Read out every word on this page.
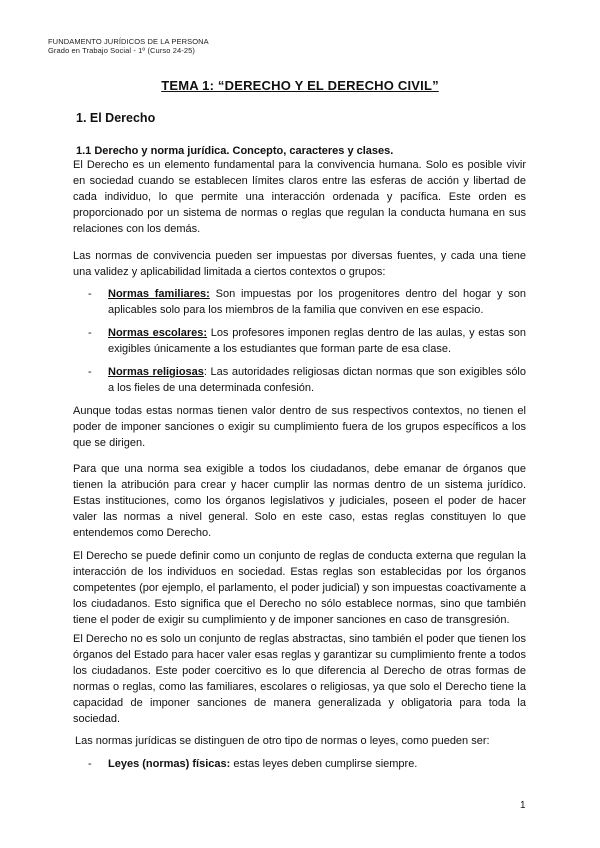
FUNDAMENTO JURÍDICOS DE LA PERSONA
Grado en Trabajo Social - 1º (Curso 24-25)
TEMA 1: “DERECHO Y EL DERECHO CIVIL”
1. El Derecho
1.1 Derecho y norma jurídica. Concepto, caracteres y clases.

El Derecho es un elemento fundamental para la convivencia humana. Solo es posible vivir en sociedad cuando se establecen límites claros entre las esferas de acción y libertad de cada individuo, lo que permite una interacción ordenada y pacífica. Este orden es proporcionado por un sistema de normas o reglas que regulan la conducta humana en sus relaciones con los demás.

Las normas de convivencia pueden ser impuestas por diversas fuentes, y cada una tiene una validez y aplicabilidad limitada a ciertos contextos o grupos:

- Normas familiares: Son impuestas por los progenitores dentro del hogar y son aplicables solo para los miembros de la familia que conviven en ese espacio.
- Normas escolares: Los profesores imponen reglas dentro de las aulas, y estas son exigibles únicamente a los estudiantes que forman parte de esa clase.
- Normas religiosas: Las autoridades religiosas dictan normas que son exigibles sólo a los fieles de una determinada confesión.

Aunque todas estas normas tienen valor dentro de sus respectivos contextos, no tienen el poder de imponer sanciones o exigir su cumplimiento fuera de los grupos específicos a los que se dirigen.

Para que una norma sea exigible a todos los ciudadanos, debe emanar de órganos que tienen la atribución para crear y hacer cumplir las normas dentro de un sistema jurídico. Estas instituciones, como los órganos legislativos y judiciales, poseen el poder de hacer valer las normas a nivel general. Solo en este caso, estas reglas constituyen lo que entendemos como Derecho.

El Derecho se puede definir como un conjunto de reglas de conducta externa que regulan la interacción de los individuos en sociedad. Estas reglas son establecidas por los órganos competentes (por ejemplo, el parlamento, el poder judicial) y son impuestas coactivamente a los ciudadanos. Esto significa que el Derecho no sólo establece normas, sino que también tiene el poder de exigir su cumplimiento y de imponer sanciones en caso de transgresión.

El Derecho no es solo un conjunto de reglas abstractas, sino también el poder que tienen los órganos del Estado para hacer valer esas reglas y garantizar su cumplimiento frente a todos los ciudadanos. Este poder coercitivo es lo que diferencia al Derecho de otras formas de normas o reglas, como las familiares, escolares o religiosas, ya que solo el Derecho tiene la capacidad de imponer sanciones de manera generalizada y obligatoria para toda la sociedad.

Las normas jurídicas se distinguen de otro tipo de normas o leyes, como pueden ser:

- Leyes (normas) físicas: estas leyes deben cumplirse siempre.
1
